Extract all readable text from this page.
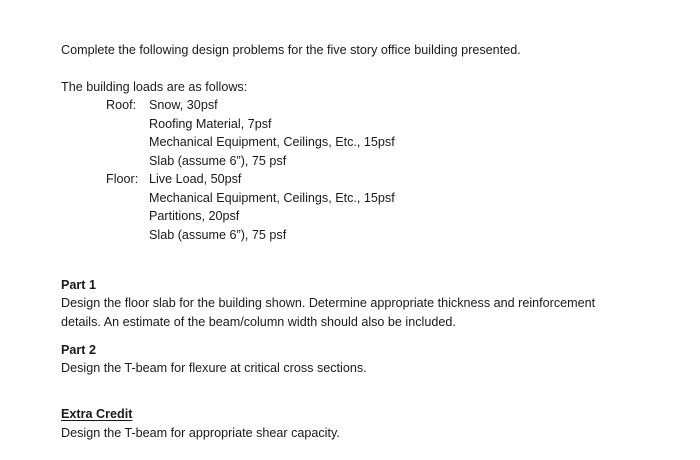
Complete the following design problems for the five story office building presented.
The building loads are as follows:
Roof: Snow, 30psf
Roofing Material, 7psf
Mechanical Equipment, Ceilings, Etc., 15psf
Slab (assume 6”), 75 psf
Floor: Live Load, 50psf
Mechanical Equipment, Ceilings, Etc., 15psf
Partitions, 20psf
Slab (assume 6”), 75 psf
Part 1
Design the floor slab for the building shown. Determine appropriate thickness and reinforcement
details. An estimate of the beam/column width should also be included.
Part 2
Design the T-beam for flexure at critical cross sections.
Extra Credit
Design the T-beam for appropriate shear capacity.
